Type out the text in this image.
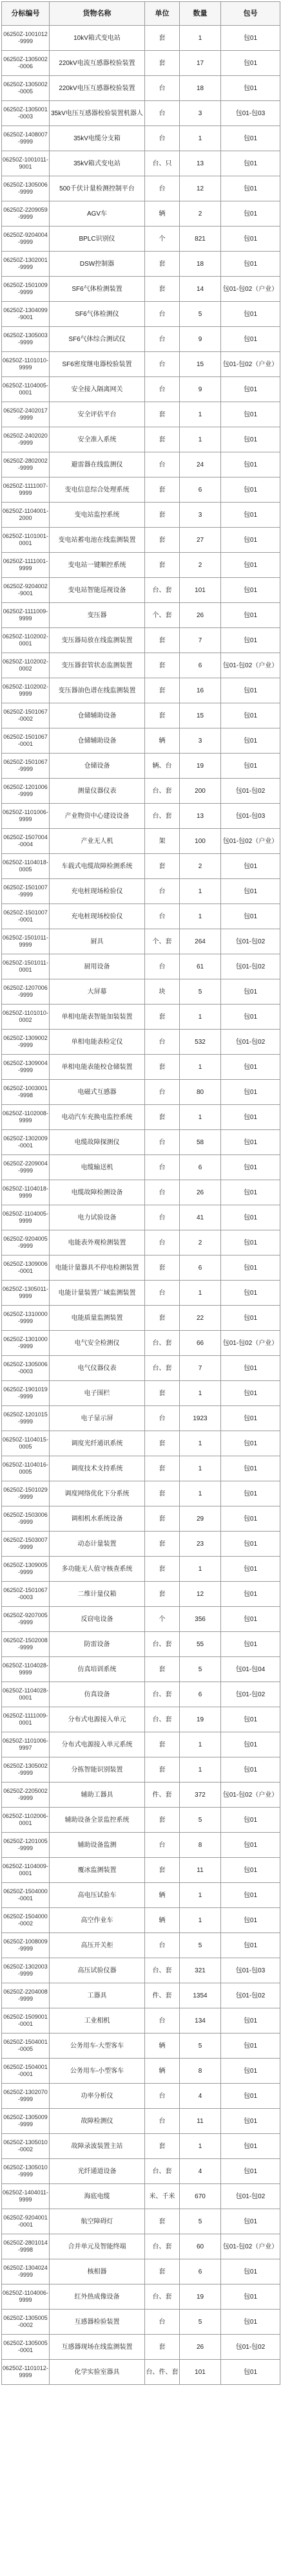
分标编号	货物名称	单位	数量	包号
06250Z-1001012-9999	10kV箱式变电站	套	1	包01
06250Z-1305002-0006	220kV电流互感器校验装置	套	17	包01
06250Z-1305002-0005	220kV电压互感器校验装置	台	18	包01
06250Z-1305001-0003	35kV电压互感器校验装置机器人	台	3	包01-包03
06250Z-1408007-9999	35kV电缆分支箱	台	1	包01
06250Z-1001011-9001	35kV箱式变电站	台、只	13	包01
06250Z-1305006-9999	500千伏计量检测控制平台	台	12	包01
06250Z-2209059-9999	AGV车	辆	2	包01
06250Z-9204004-9999	BPLC识别仪	个	821	包01
06250Z-1302001-9999	DSW控制器	套	18	包01
06250Z-1501009-9999	SF6气体检测装置	套	14	包01-包02（户业）
06250Z-1304099-9001	SF6气体检测仪	台	5	包01
06250Z-1305003-9999	SF6气体综合测试仪	台	9	包01
06250Z-1101010-9999	SF6密度继电器校验装置	台	15	包01-包02（户业）
06250Z-1104005-0001	安全接入隔离网关	台	9	包01
06250Z-2402017-9999	安全评估平台	套	1	包01
06250Z-2402020-9999	安全准入系统	套	1	包01
06250Z-2802002-9999	避雷器在线监测仪	台	24	包01
06250Z-1111007-9999	变电信息综合处理系统	套	6	包01
06250Z-1104001-2000	变电站监控系统	套	3	包01
06250Z-1101001-0001	变电站蓄电池在线监测装置	套	27	包01
06250Z-1111001-9999	变电站一键顺控系统	套	2	包01
06250Z-9204002-9001	变电站智能巡视设备	台、套	101	包01
06250Z-1111009-9999	变压器	个、套	26	包01
06250Z-1102002-0001	变压器局放在线监测装置	套	7	包01
06250Z-1102002-0002	变压器套管状态监测装置	套	6	包01-包02（户业）
06250Z-1102002-9999	变压器油色谱在线监测装置	套	16	包01
06250Z-1501067-0002	仓储辅助设备	套	15	包01
06250Z-1501067-0001	仓储辅助设备	辆	3	包01
06250Z-1501067-9999	仓储设备	辆、台	19	包01
06250Z-1201006-9999	测量仪器仪表	台、套	200	包01-包02
06250Z-1101006-9999	产业物资中心建设设备	台、套	13	包01-包03
06250Z-1507004-0004	产业无人机	架	100	包01-包02（户业）
06250Z-1104018-0005	车载式电缆故障检测系统	套	2	包01
06250Z-1501007-9999	充电桩现场检验仪	台	1	包01
06250Z-1501007-0001	充电桩现场校验仪	台	1	包01
06250Z-1501011-9999	厨具	个、套	264	包01-包02
06250Z-1501011-0001	厨用设备	台	61	包01-包02
06250Z-1207006-9999	大屏幕	块	5	包01
06250Z-1101010-0002	单相电能表智能加装装置	套	1	包01
06250Z-1309002-9999	单相电能表检定仪	台	532	包01-包02
06250Z-1309004-9999	单相电能表能校仓储装置	套	1	包01
06250Z-1003001-9998	电磁式互感器	台	80	包01
06250Z-1102008-9999	电动汽车充换电监控系统	套	1	包01
06250Z-1302009-0001	电缆故障探测仪	台	58	包01
06250Z-2209004-9999	电缆输送机	台	6	包01
06250Z-1104018-9999	电缆故障检测设备	台	26	包01
06250Z-1104005-9999	电力试验设备	台	41	包01
06250Z-9204005-9999	电能表外观检测装置	台	2	包01
06250Z-1309006-0001	电能计量器具不停电检测装置	套	6	包01
06250Z-1305011-9999	电能计量装置广域监测装置	台	1	包01
06250Z-1310000-9999	电能质量监测装置	套	22	包01
06250Z-1301000-9999	电气安全检测仪	台、套	66	包01-包02（户业）
06250Z-1305006-0003	电气仪器仪表	台、套	7	包01
06250Z-1901019-9999	电子围栏	套	1	包01
06250Z-1201015-9999	电子显示屏	台	1923	包01
06250Z-1104015-0005	调度光纤通讯系统	套	1	包01
06250Z-1104016-0005	调度技术支持系统	套	1	包01
06250Z-1501029-9999	调度网络优化下分系统	套	1	包01
06250Z-1503006-9999	调相机水系统设备	套	29	包01
06250Z-1503007-9999	动态计量装置	套	23	包01
06250Z-1309005-9999	多功能无人值守核查系统	套	1	包01
06250Z-1501067-0003	二维计量仪箱	套	12	包01
06250Z-9207005-9999	反窃电设备	个	356	包01
06250Z-1502008-9999	防雷设备	台、套	55	包01
06250Z-1104028-9999	仿真培训系统	套	5	包01-包04
06250Z-1104028-0001	仿真设备	台、套	6	包01-包02
06250Z-1111009-0001	分布式电源接入单元	台、套	19	包01
06250Z-1101006-9997	分布式电源接入单元系统	套	1	包01
06250Z-1305002-9999	分拣智能识别装置	套	1	包01
06250Z-2205002-9999	辅助工器具	件、套	372	包01-包02（户业）
06250Z-1102006-0001	辅助设备全景监控系统	套	5	包01
06250Z-1201005-9999	辅助设备监测	台	8	包01
06250Z-1104009-0001	覆冰监测装置	套	11	包01
06250Z-1504000-0001	高电压试验车	辆	1	包01
06250Z-1504000-0002	高空作业车	辆	1	包01
06250Z-1008009-9999	高压开关柜	台	5	包01
06250Z-1302003-9999	高压试验仪器	台、套	321	包01-包03
06250Z-2204008-9999	工器具	件、套	1354	包01-包02
06250Z-1509001-0001	工业相机	台	134	包01
06250Z-1504001-0005	公务用车-大型客车	辆	5	包01
06250Z-1504001-0001	公务用车-小型客车	辆	8	包01
06250Z-1302070-9999	功率分析仪	台	4	包01
06250Z-1305009-9999	故障检测仪	台	11	包01
06250Z-1305010-0002	故障录波装置主站	套	1	包01
06250Z-1305010-9999	光纤通道设备	台、套	4	包01
06250Z-1404011-9999	海底电缆	米、千米	670	包01-包02
06250Z-9204001-0001	航空障碍灯	套	5	包01
06250Z-2801014-9998	合并单元及智能终端	台、套	60	包01-包02（户业）
06250Z-1304024-9999	核相器	套	6	包01
06250Z-1104006-9999	红外热成像设备	台、套	19	包01
06250Z-1305005-0002	互感器检验装置	台	5	包01
06250Z-1305005-0001	互感器现场在线监测装置	套	26	包01-包02
06250Z-1101012-9999	化学实验室器具	台、件、套	101	包01
